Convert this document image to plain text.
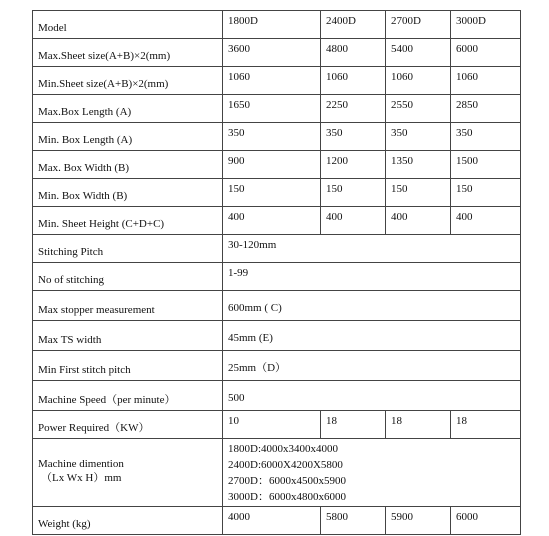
Model	1800D	2400D	2700D	3000D
Max.Sheet size(A+B)×2(mm)	3600	4800	5400	6000
Min.Sheet size(A+B)×2(mm)	1060	1060	1060	1060
Max.Box Length (A)	1650	2250	2550	2850
Min. Box Length (A)	350	350	350	350
Max. Box Width (B)	900	1200	1350	1500
Min. Box Width (B)	150	150	150	150
Min. Sheet Height (C+D+C)	400	400	400	400
Stitching Pitch	30-120mm			
No of stitching	1-99			
Max stopper measurement	600mm ( C)			
Max TS width	45mm (E)			
Min First stitch pitch	25mm（D）			
Machine Speed（per minute）	500			
Power Required（KW）	10	18	18	18

Machine dimention
（Lx Wx H）mm	1800D:4000x3400x4000
2400D:6000X4200X5800
2700D：6000x4500x5900
3000D：6000x4800x6000			

Weight (kg)	4000	5800	5900	6000
